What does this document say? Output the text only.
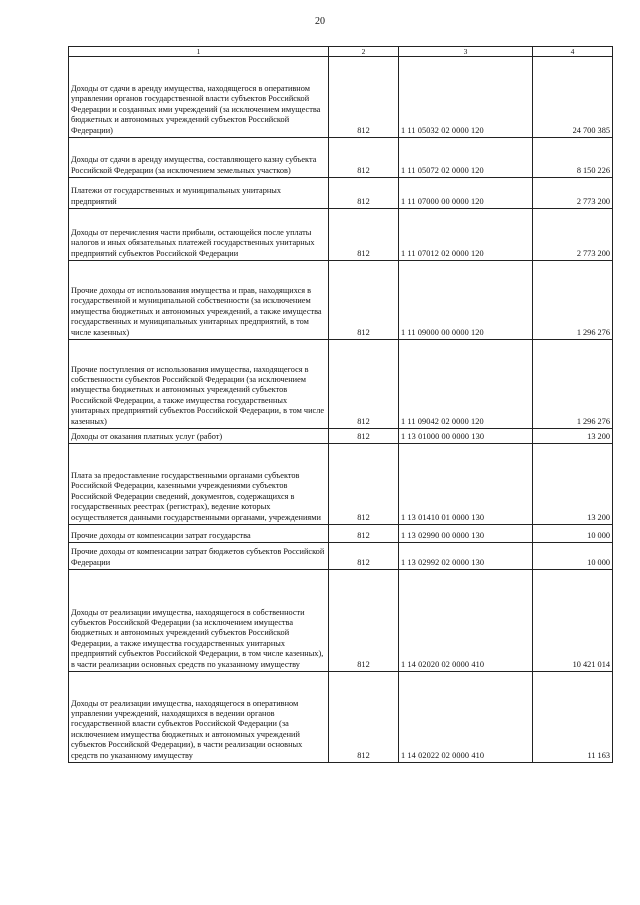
20
1	2	3	4
Доходы от сдачи в аренду имущества, находящегося в оперативном управлении органов государственной власти субъектов Российской Федерации и созданных ими учреждений (за исключением имущества бюджетных и автономных учреждений субъектов Российской Федерации)	812	1 11 05032 02 0000 120	24 700 385
Доходы от сдачи в аренду имущества, составляющего казну субъекта Российской Федерации (за исключением земельных участков)	812	1 11 05072 02 0000 120	8 150 226
Платежи от государственных и муниципальных унитарных предприятий	812	1 11 07000 00 0000 120	2 773 200
Доходы от перечисления части прибыли, остающейся после уплаты налогов и иных обязательных платежей государственных унитарных предприятий субъектов Российской Федерации	812	1 11 07012 02 0000 120	2 773 200
Прочие доходы от использования имущества и прав, находящихся в государственной и муниципальной собственности (за исключением имущества бюджетных и автономных учреждений, а также имущества государственных и муниципальных унитарных предприятий, в том числе казенных)	812	1 11 09000 00 0000 120	1 296 276
Прочие поступления от использования имущества, находящегося в собственности субъектов Российской Федерации (за исключением имущества бюджетных и автономных учреждений субъектов Российской Федерации, а также имущества государственных унитарных предприятий субъектов Российской Федерации, в том числе казенных)	812	1 11 09042 02 0000 120	1 296 276
Доходы от оказания платных услуг (работ)	812	1 13 01000 00 0000 130	13 200
Плата за предоставление государственными органами субъектов Российской Федерации, казенными учреждениями субъектов Российской Федерации сведений, документов, содержащихся в государственных реестрах (регистрах), ведение которых осуществляется данными государственными органами, учреждениями	812	1 13 01410 01 0000 130	13 200
Прочие доходы от компенсации затрат государства	812	1 13 02990 00 0000 130	10 000
Прочие доходы от компенсации затрат бюджетов субъектов Российской Федерации	812	1 13 02992 02 0000 130	10 000
Доходы от реализации имущества, находящегося в собственности субъектов Российской Федерации (за исключением имущества бюджетных и автономных учреждений субъектов Российской Федерации, а также имущества государственных унитарных предприятий субъектов Российской Федерации, в том числе казенных), в части реализации основных средств по указанному имуществу	812	1 14 02020 02 0000 410	10 421 014
Доходы от реализации имущества, находящегося в оперативном управлении учреждений, находящихся в ведении органов государственной власти субъектов Российской Федерации (за исключением имущества бюджетных и автономных учреждений субъектов Российской Федерации), в части реализации основных средств по указанному имуществу	812	1 14 02022 02 0000 410	11 163
